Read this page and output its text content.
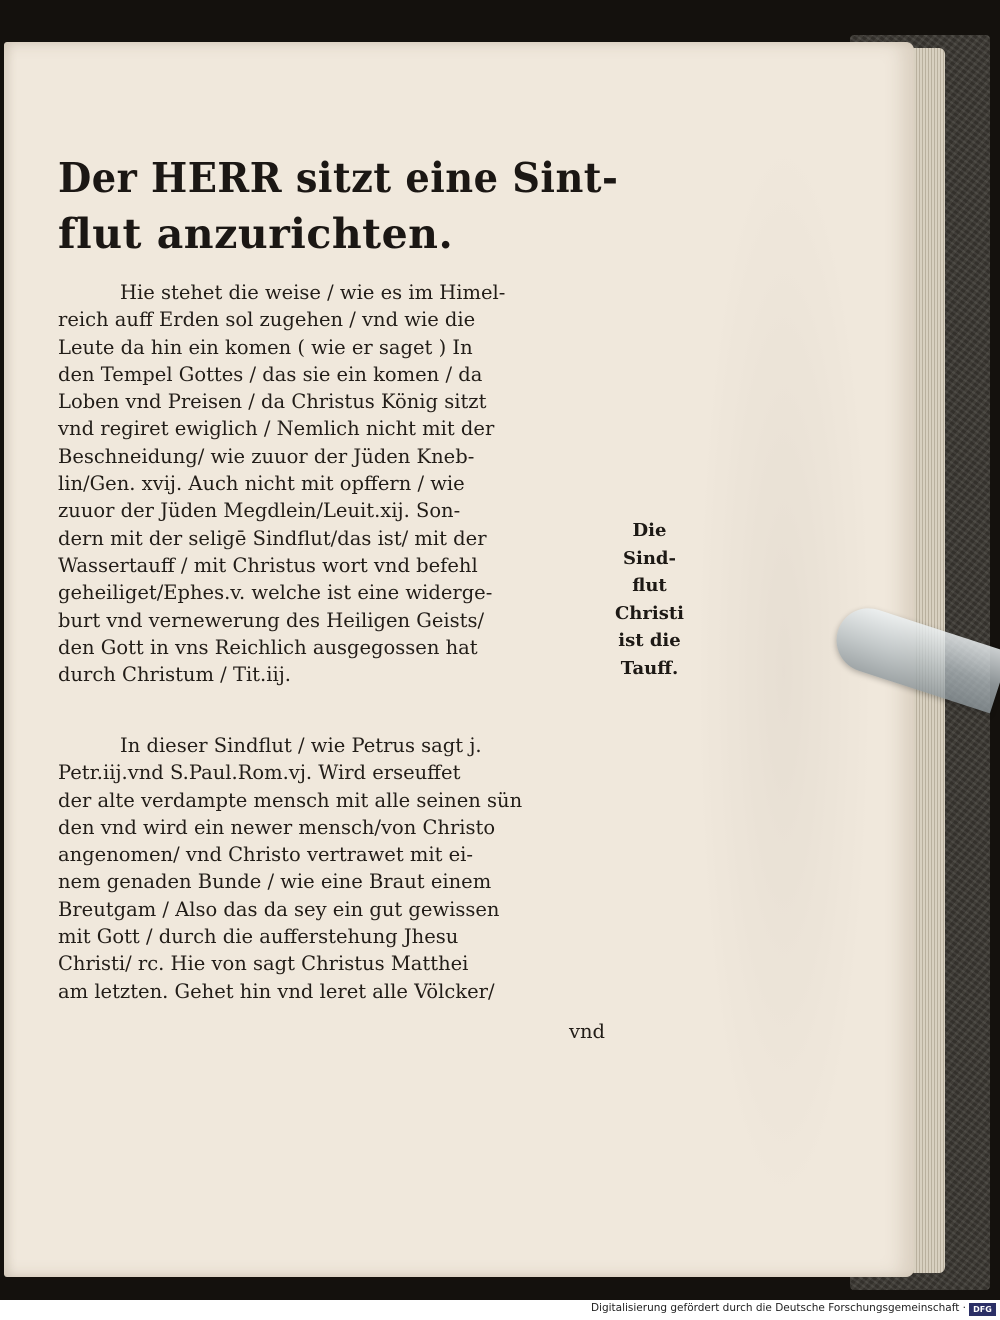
Der HERR sitzt eine Sint-
flut anzurichten.
Hie stehet die weise / wie es im Himel-
reich auff Erden sol zugehen / vnd wie die
Leute da hin ein komen ( wie er saget ) In
den Tempel Gottes / das sie ein komen / da
Loben vnd Preisen / da Christus König sitzt
vnd regiret ewiglich / Nemlich nicht mit der
Beschneidung/ wie zuuor der Jüden Kneb-
lin/Gen. xvij. Auch nicht mit opffern / wie
zuuor der Jüden Megdlein/Leuit.xij. Son-
dern mit der seligē Sindflut/das ist/ mit der
Wassertauff / mit Christus wort vnd befehl
geheiliget/Ephes.v. welche ist eine widerge-
burt vnd vernewerung des Heiligen Geists/
den Gott in vns Reichlich ausgegossen hat
durch Christum / Tit.iij.
Die
Sind-
flut
Christi
ist die
Tauff.
In dieser Sindflut / wie Petrus sagt j.
Petr.iij.vnd S.Paul.Rom.vj. Wird erseuffet
der alte verdampte mensch mit alle seinen sün
den vnd wird ein newer mensch/von Christo
angenomen/ vnd Christo vertrawet mit ei-
nem genaden Bunde / wie eine Braut einem
Breutgam / Also das da sey ein gut gewissen
mit Gott / durch die aufferstehung Jhesu
Christi/ rc. Hie von sagt Christus Matthei
am letzten. Gehet hin vnd leret alle Völcker/

vnd

Digitalisierung gefördert durch die Deutsche Forschungsgemeinschaft · DFG
